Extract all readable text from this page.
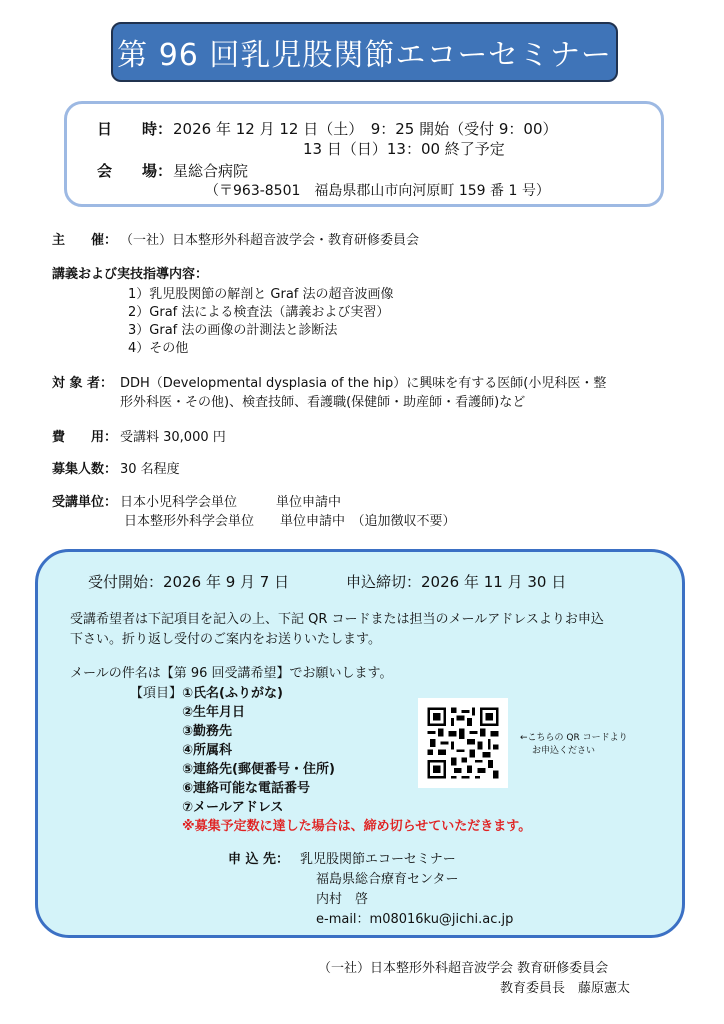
第 96 回乳児股関節エコーセミナー
日　　時： 2026 年 12 月 12 日（土）　9：25 開始（受付 9：00）
13 日（日）13：00 終了予定
会　　場： 星総合病院
（〒963-8501　福島県郡山市向河原町 159 番 1 号）
主　　催： （一社）日本整形外科超音波学会・教育研修委員会
講義および実技指導内容：
1）乳児股関節の解剖と Graf 法の超音波画像
2）Graf 法による検査法（講義および実習）
3）Graf 法の画像の計測法と診断法
4）その他
対 象 者： DDH（Developmental dysplasia of the hip）に興味を有する医師(小児科医・整
形外科医・その他)、検査技師、看護職(保健師・助産師・看護師)など
費　　用： 受講料 30,000 円
募集人数： 30 名程度
受講単位： 日本小児科学会単位　　　単位申請中
日本整形外科学会単位　　単位申請中　（追加徴収不要）
受付開始：2026 年 9 月 7 日	申込締切：2026 年 11 月 30 日
受講希望者は下記項目を記入の上、下記 QR コードまたは担当のメールアドレスよりお申込
下さい。折り返し受付のご案内をお送りいたします。
メールの件名は【第 96 回受講希望】でお願いします。
【項目】 ①氏名(ふりがな)
②生年月日
③勤務先
④所属科
⑤連絡先(郵便番号・住所)
⑥連絡可能な電話番号
⑦メールアドレス
※募集予定数に達した場合は、締め切らせていただきます。
←こちらの QR コードより
お申込ください
申 込 先： 乳児股関節エコーセミナー
福島県総合療育センター
内村　啓
e-mail：m08016ku@jichi.ac.jp
（一社）日本整形外科超音波学会 教育研修委員会
教育委員長　藤原憲太
